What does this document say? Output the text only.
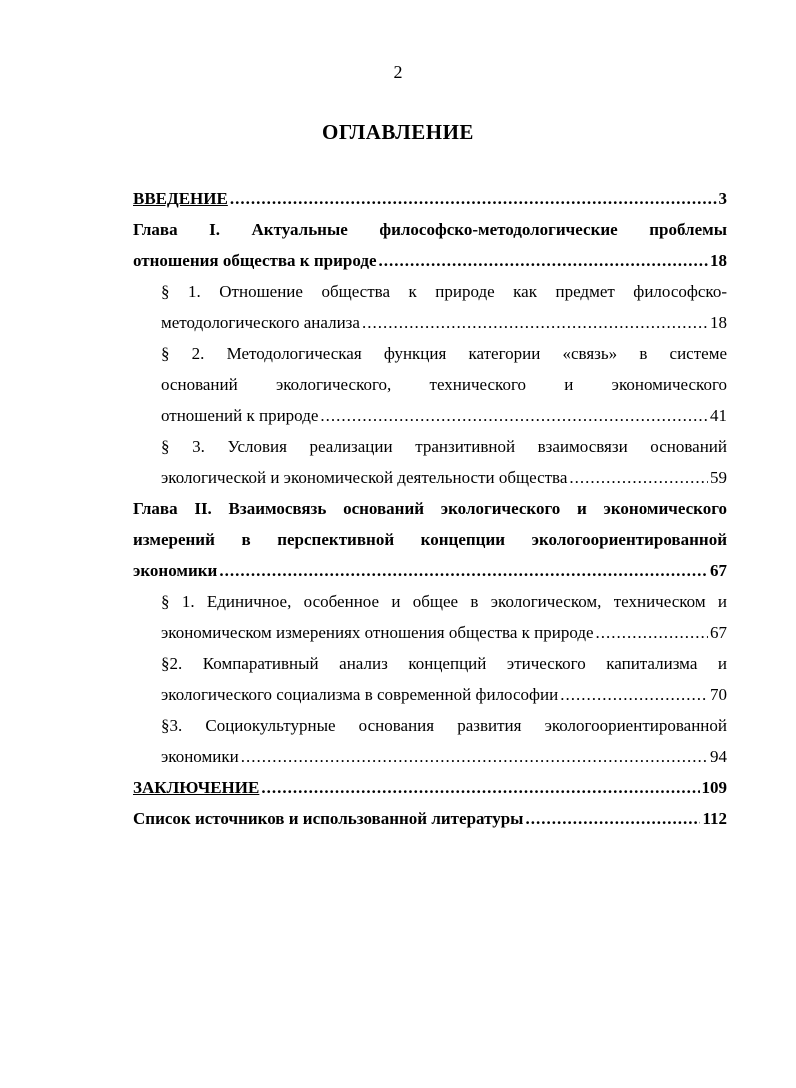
2
ОГЛАВЛЕНИЕ
ВВЕДЕНИЕ .....	3
Глава I. Актуальные философско-методологические проблемы
отношения общества к природе .....	18
§ 1. Отношение общества к природе как предмет философско-
методологического анализа .....	18
§ 2. Методологическая функция категории «связь» в системе
оснований экологического, технического и экономического
отношений к природе .....	41
§ 3. Условия реализации транзитивной взаимосвязи оснований
экологической и экономической деятельности общества .....	59
Глава II. Взаимосвязь оснований экологического и экономического
измерений в перспективной концепции экологоориентированной
экономики .....	67
§ 1. Единичное, особенное и общее в экологическом, техническом и
экономическом измерениях отношения общества к природе .....	67
§2. Компаративный анализ концепций этического капитализма и
экологического социализма в современной философии .....	70
§3. Социокультурные основания развития экологоориентированной
экономики .....	94
ЗАКЛЮЧЕНИЕ .....	109
Список источников и использованной литературы .....	112
